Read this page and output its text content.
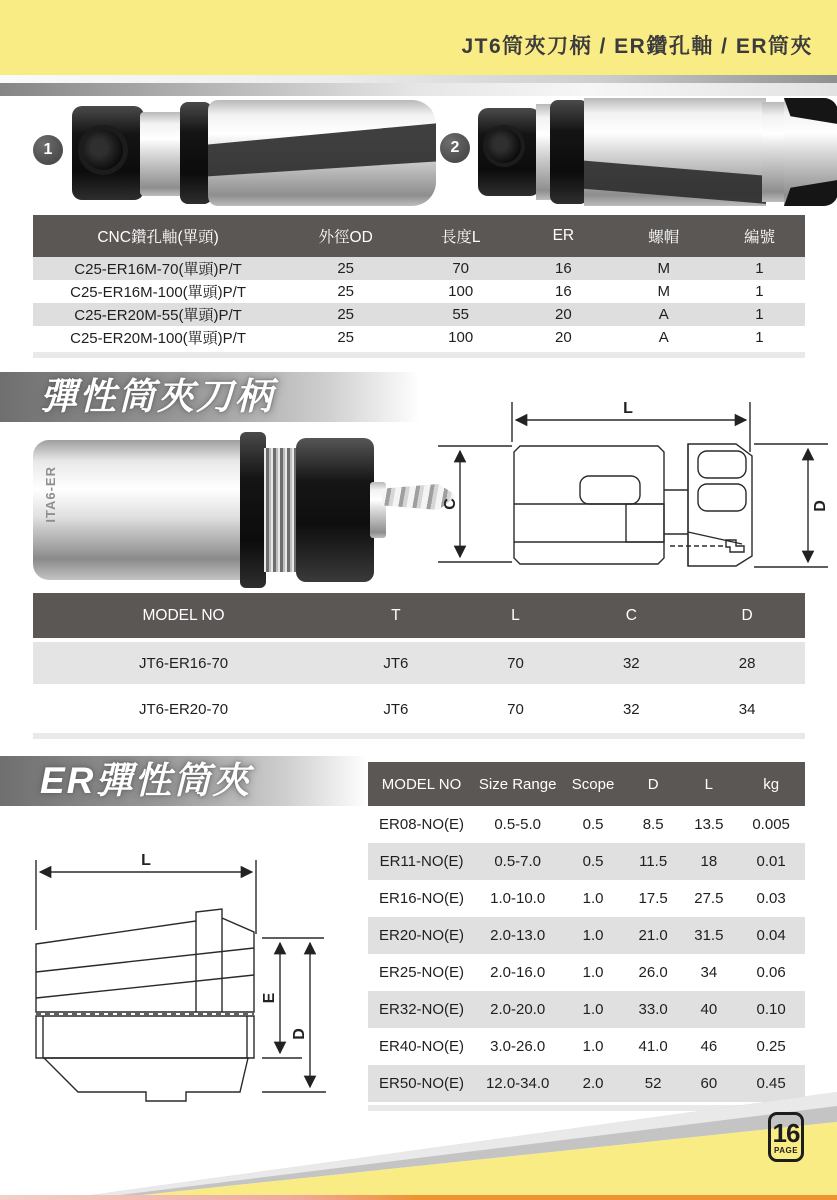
JT6筒夾刀柄 / ER鑽孔軸 / ER筒夾
1	2
CNC鑽孔軸(單頭)	外徑OD	長度L	ER	螺帽	編號
C25-ER16M-70(單頭)P/T	25	70	16	M	1
C25-ER16M-100(單頭)P/T	25	100	16	M	1
C25-ER20M-55(單頭)P/T	25	55	20	A	1
C25-ER20M-100(單頭)P/T	25	100	20	A	1
彈性筒夾刀柄
ITA6-ER
L
C	D
MODEL NO	T	L	C	D
JT6-ER16-70	JT6	70	32	28
JT6-ER20-70	JT6	70	32	34
ER彈性筒夾
L
E
D
MODEL NO	Size Range	Scope	D	L	kg
ER08-NO(E)	0.5-5.0	0.5	8.5	13.5	0.005
ER11-NO(E)	0.5-7.0	0.5	11.5	18	0.01
ER16-NO(E)	1.0-10.0	1.0	17.5	27.5	0.03
ER20-NO(E)	2.0-13.0	1.0	21.0	31.5	0.04
ER25-NO(E)	2.0-16.0	1.0	26.0	34	0.06
ER32-NO(E)	2.0-20.0	1.0	33.0	40	0.10
ER40-NO(E)	3.0-26.0	1.0	41.0	46	0.25
ER50-NO(E)	12.0-34.0	2.0	52	60	0.45
16
PAGE
